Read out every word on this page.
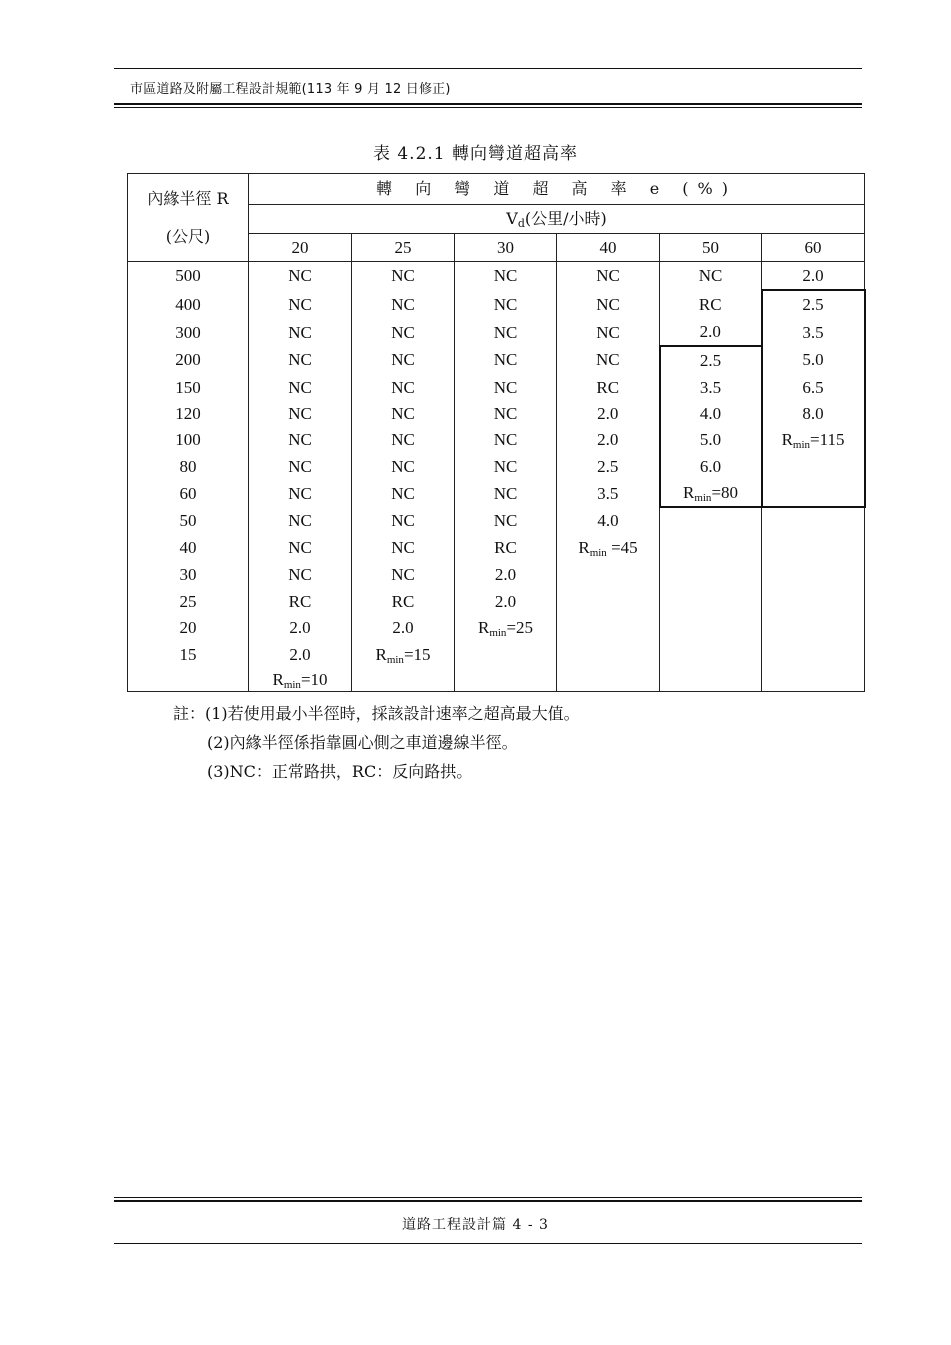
市區道路及附屬工程設計規範(113 年 9 月 12 日修正)
表 4.2.1 轉向彎道超高率
內緣半徑 R
(公尺)	轉 向 彎 道 超 高 率 e (%)					
	Vd(公里/小時)					
	20	25	30	40	50	60
500	NC	NC	NC	NC	NC	2.0
400	NC	NC	NC	NC	RC	2.5
300	NC	NC	NC	NC	2.0	3.5
200	NC	NC	NC	NC	2.5	5.0
150	NC	NC	NC	RC	3.5	6.5
120	NC	NC	NC	2.0	4.0	8.0
100	NC	NC	NC	2.0	5.0	Rmin=115
80	NC	NC	NC	2.5	6.0	
60	NC	NC	NC	3.5	Rmin=80	
50	NC	NC	NC	4.0		
40	NC	NC	RC	Rmin =45		
30	NC	NC	2.0			
25	RC	RC	2.0			
20	2.0	2.0	Rmin=25			
15	2.0	Rmin=15				
	Rmin=10					
註：(1)若使用最小半徑時，採該設計速率之超高最大值。
(2)內緣半徑係指靠圓心側之車道邊線半徑。
(3)NC：正常路拱，RC：反向路拱。
道路工程設計篇 4 - 3
